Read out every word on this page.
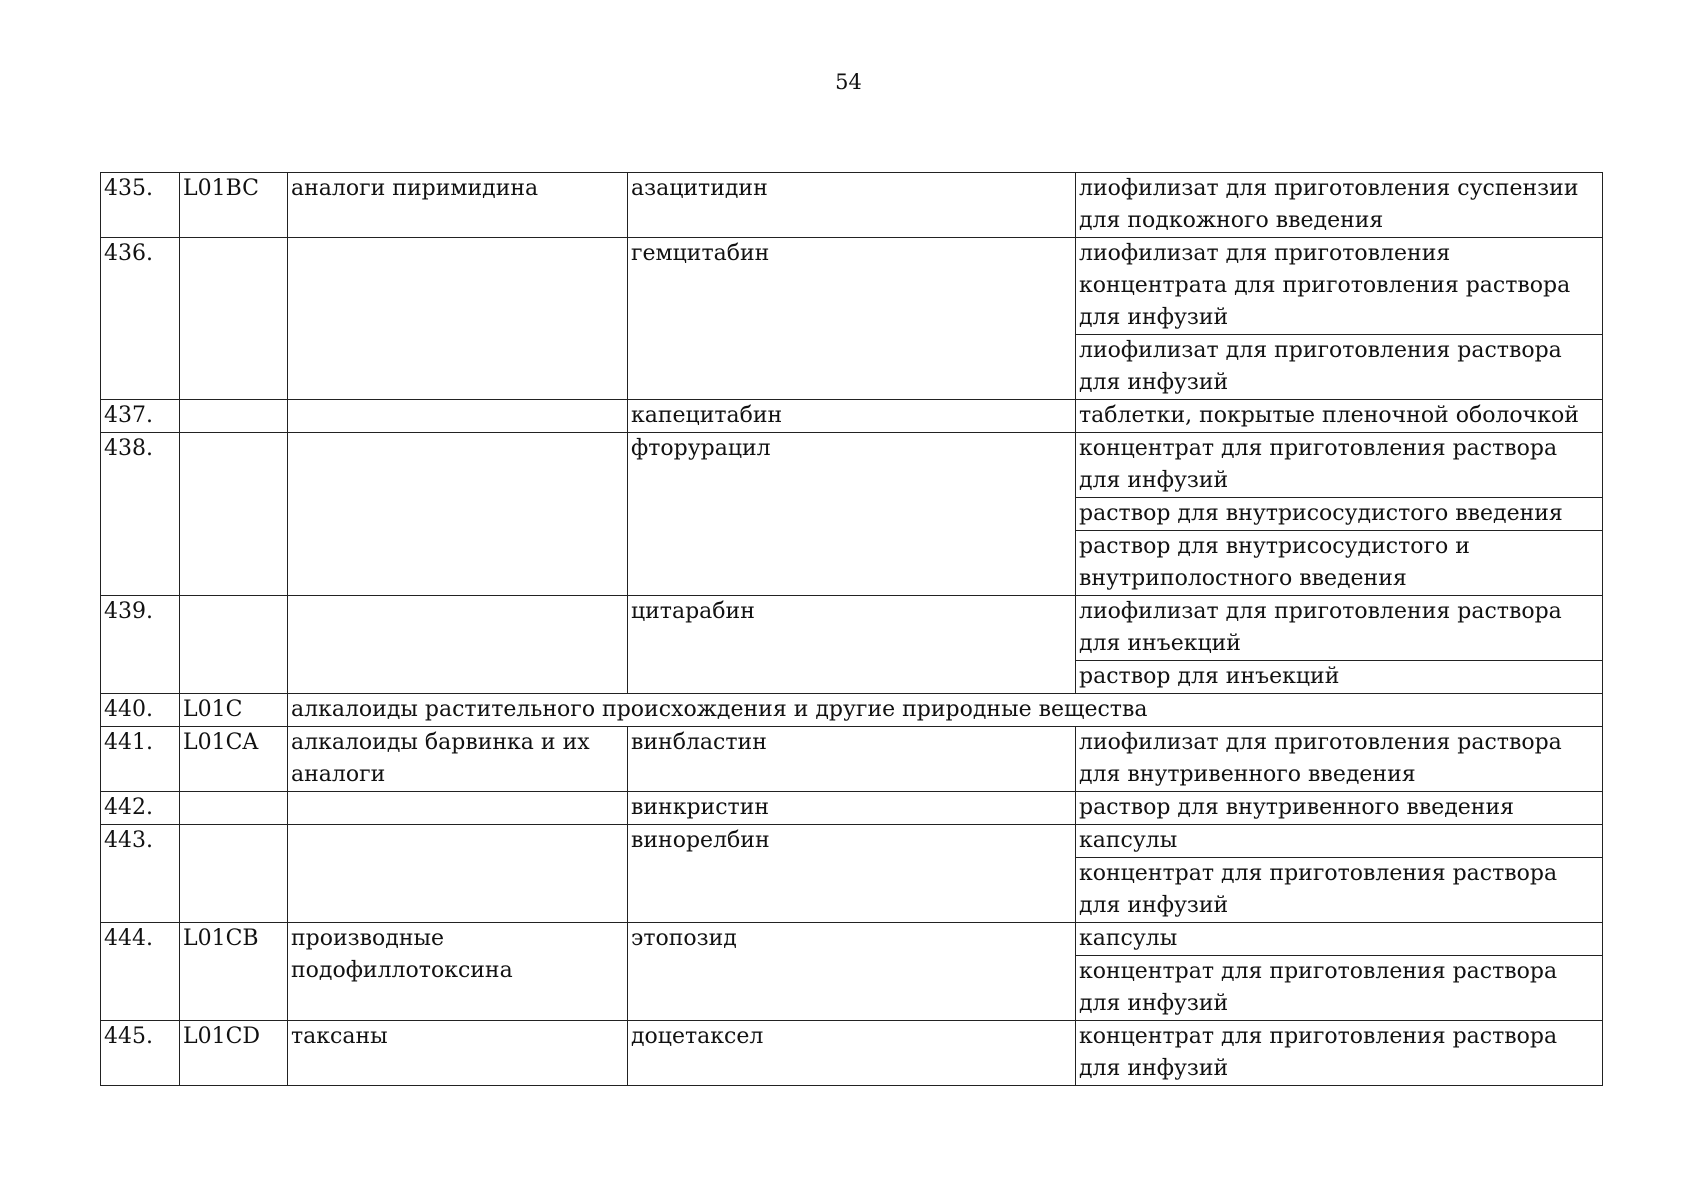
54
435.	L01BC	аналоги пиримидина	азацитидин	лиофилизат для приготовления суспензии для подкожного введения
436.			гемцитабин	лиофилизат для приготовления концентрата для приготовления раствора для инфузий
				лиофилизат для приготовления раствора для инфузий
437.			капецитабин	таблетки, покрытые пленочной оболочкой
438.			фторурацил	концентрат для приготовления раствора для инфузий
				раствор для внутрисосудистого введения
				раствор для внутрисосудистого и внутриполостного введения
439.			цитарабин	лиофилизат для приготовления раствора для инъекций
				раствор для инъекций
440.	L01C	алкалоиды растительного происхождения и другие природные вещества		
441.	L01CA	алкалоиды барвинка и их аналоги	винбластин	лиофилизат для приготовления раствора для внутривенного введения
442.			винкристин	раствор для внутривенного введения
443.			винорелбин	капсулы
				концентрат для приготовления раствора для инфузий
444.	L01CB	производные подофиллотоксина	этопозид	капсулы
				концентрат для приготовления раствора для инфузий
445.	L01CD	таксаны	доцетаксел	концентрат для приготовления раствора для инфузий
